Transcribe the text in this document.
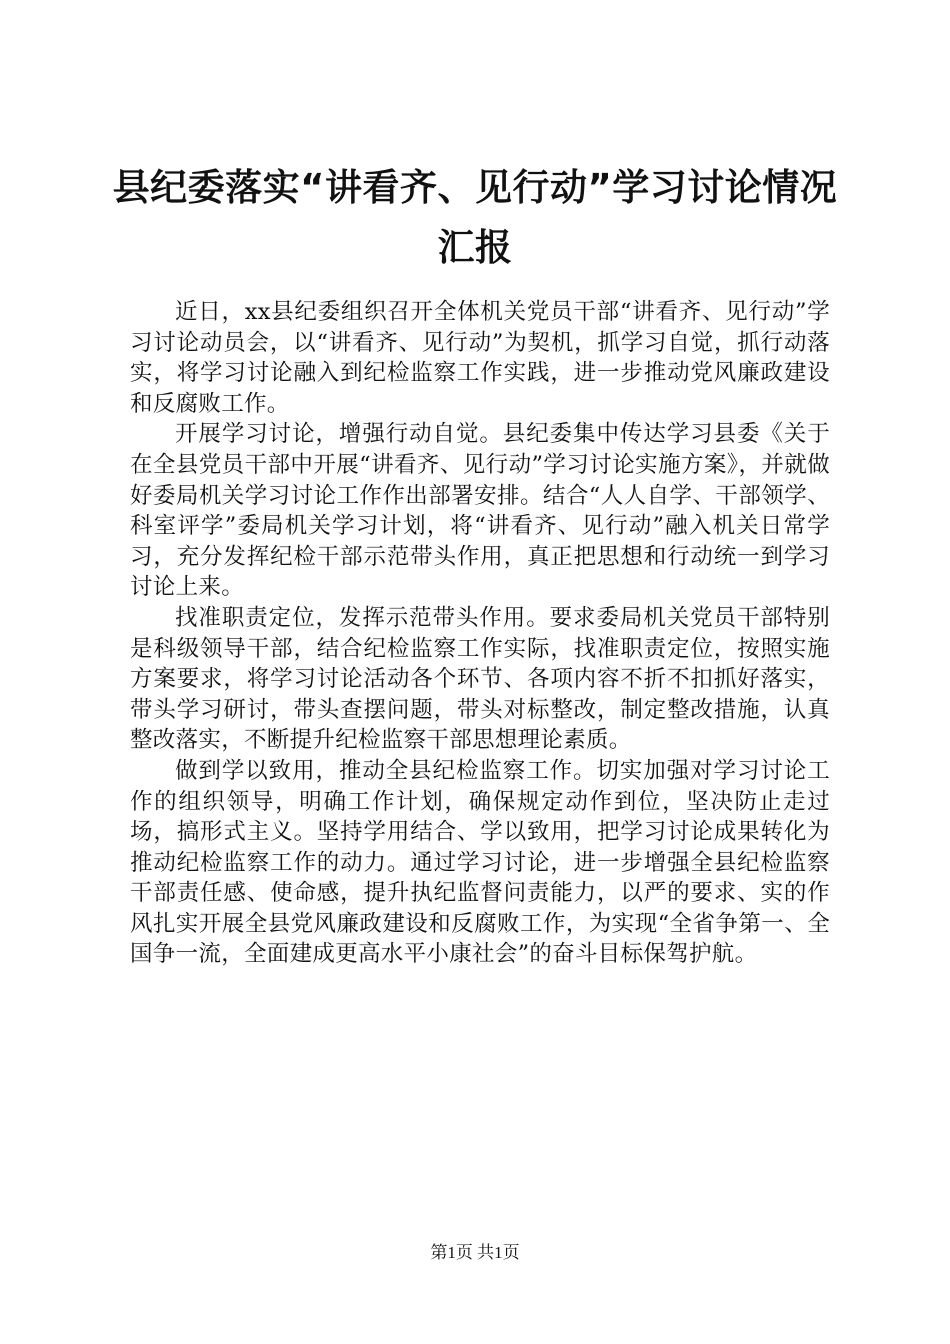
县纪委落实“讲看齐、见行动”学习讨论情况汇报

近日，xx县纪委组织召开全体机关党员干部“讲看齐、见行动”学习讨论动员会，以“讲看齐、见行动”为契机，抓学习自觉，抓行动落实，将学习讨论融入到纪检监察工作实践，进一步推动党风廉政建设和反腐败工作。

开展学习讨论，增强行动自觉。县纪委集中传达学习县委《关于在全县党员干部中开展“讲看齐、见行动”学习讨论实施方案》，并就做好委局机关学习讨论工作作出部署安排。结合“人人自学、干部领学、科室评学”委局机关学习计划，将“讲看齐、见行动”融入机关日常学习，充分发挥纪检干部示范带头作用，真正把思想和行动统一到学习讨论上来。

找准职责定位，发挥示范带头作用。要求委局机关党员干部特别是科级领导干部，结合纪检监察工作实际，找准职责定位，按照实施方案要求，将学习讨论活动各个环节、各项内容不折不扣抓好落实，带头学习研讨，带头查摆问题，带头对标整改，制定整改措施，认真整改落实，不断提升纪检监察干部思想理论素质。

做到学以致用，推动全县纪检监察工作。切实加强对学习讨论工作的组织领导，明确工作计划，确保规定动作到位，坚决防止走过场，搞形式主义。坚持学用结合、学以致用，把学习讨论成果转化为推动纪检监察工作的动力。通过学习讨论，进一步增强全县纪检监察干部责任感、使命感，提升执纪监督问责能力，以严的要求、实的作风扎实开展全县党风廉政建设和反腐败工作，为实现“全省争第一、全国争一流，全面建成更高水平小康社会”的奋斗目标保驾护航。

第1页 共1页
